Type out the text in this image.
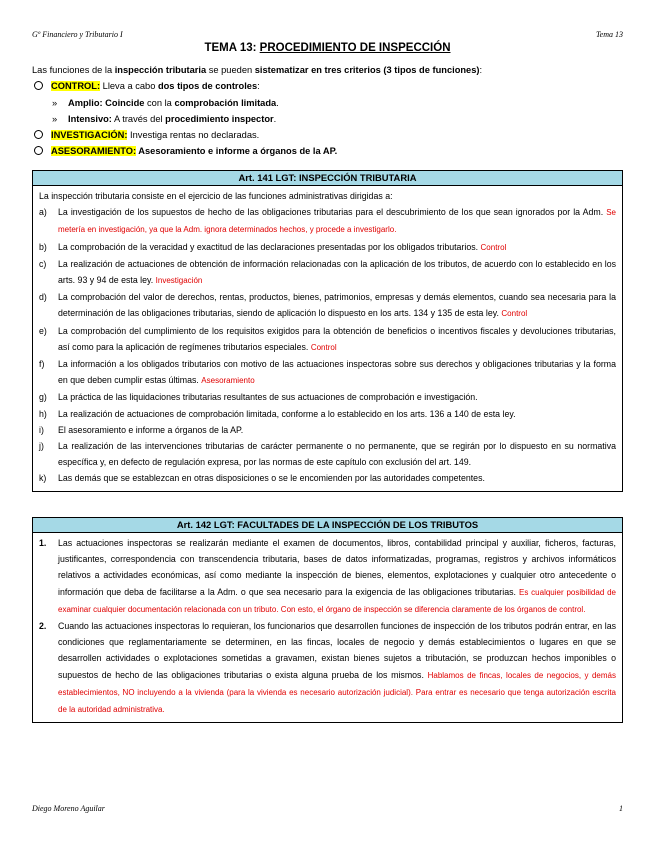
Gº Financiero y Tributario I	Tema 13
TEMA 13: PROCEDIMIENTO DE INSPECCIÓN
Las funciones de la inspección tributaria se pueden sistematizar en tres criterios (3 tipos de funciones):
CONTROL: Lleva a cabo dos tipos de controles:
» Amplio: Coincide con la comprobación limitada.
» Intensivo: A través del procedimiento inspector.
INVESTIGACIÓN: Investiga rentas no declaradas.
ASESORAMIENTO: Asesoramiento e informe a órganos de la AP.
Art. 141 LGT: INSPECCIÓN TRIBUTARIA
La inspección tributaria consiste en el ejercicio de las funciones administrativas dirigidas a:
a)	La investigación de los supuestos de hecho de las obligaciones tributarias para el descubrimiento de los que sean ignorados por la Adm. Se metería en investigación, ya que la Adm. ignora determinados hechos, y procede a investigarlo.
b)	La comprobación de la veracidad y exactitud de las declaraciones presentadas por los obligados tributarios. Control
c)	La realización de actuaciones de obtención de información relacionadas con la aplicación de los tributos, de acuerdo con lo establecido en los arts. 93 y 94 de esta ley. Investigación
d)	La comprobación del valor de derechos, rentas, productos, bienes, patrimonios, empresas y demás elementos, cuando sea necesaria para la determinación de las obligaciones tributarias, siendo de aplicación lo dispuesto en los arts. 134 y 135 de esta ley. Control
e)	La comprobación del cumplimiento de los requisitos exigidos para la obtención de beneficios o incentivos fiscales y devoluciones tributarias, así como para la aplicación de regímenes tributarios especiales. Control
f)	La información a los obligados tributarios con motivo de las actuaciones inspectoras sobre sus derechos y obligaciones tributarias y la forma en que deben cumplir estas últimas. Asesoramiento
g)	La práctica de las liquidaciones tributarias resultantes de sus actuaciones de comprobación e investigación.
h)	La realización de actuaciones de comprobación limitada, conforme a lo establecido en los arts. 136 a 140 de esta ley.
i)	El asesoramiento e informe a órganos de la AP.
j)	La realización de las intervenciones tributarias de carácter permanente o no permanente, que se regirán por lo dispuesto en su normativa específica y, en defecto de regulación expresa, por las normas de este capítulo con exclusión del art. 149.
k)	Las demás que se establezcan en otras disposiciones o se le encomienden por las autoridades competentes.
Art. 142 LGT: FACULTADES DE LA INSPECCIÓN DE LOS TRIBUTOS
1.	Las actuaciones inspectoras se realizarán mediante el examen de documentos, libros, contabilidad principal y auxiliar, ficheros, facturas, justificantes, correspondencia con transcendencia tributaria, bases de datos informatizadas, programas, registros y archivos informáticos relativos a actividades económicas, así como mediante la inspección de bienes, elementos, explotaciones y cualquier otro antecedente o información que deba de facilitarse a la Adm. o que sea necesario para la exigencia de las obligaciones tributarias. Es cualquier posibilidad de examinar cualquier documentación relacionada con un tributo. Con esto, el órgano de inspección se diferencia claramente de los órganos de control.
2.	Cuando las actuaciones inspectoras lo requieran, los funcionarios que desarrollen funciones de inspección de los tributos podrán entrar, en las condiciones que reglamentariamente se determinen, en las fincas, locales de negocio y demás establecimientos o lugares en que se desarrollen actividades o explotaciones sometidas a gravamen, existan bienes sujetos a tributación, se produzcan hechos imponibles o supuestos de hecho de las obligaciones tributarias o exista alguna prueba de los mismos. Hablamos de fincas, locales de negocios, y demás establecimientos, NO incluyendo a la vivienda (para la vivienda es necesario autorización judicial). Para entrar es necesario que tenga autorización escrita de la autoridad administrativa.
Diego Moreno Aguilar	1
